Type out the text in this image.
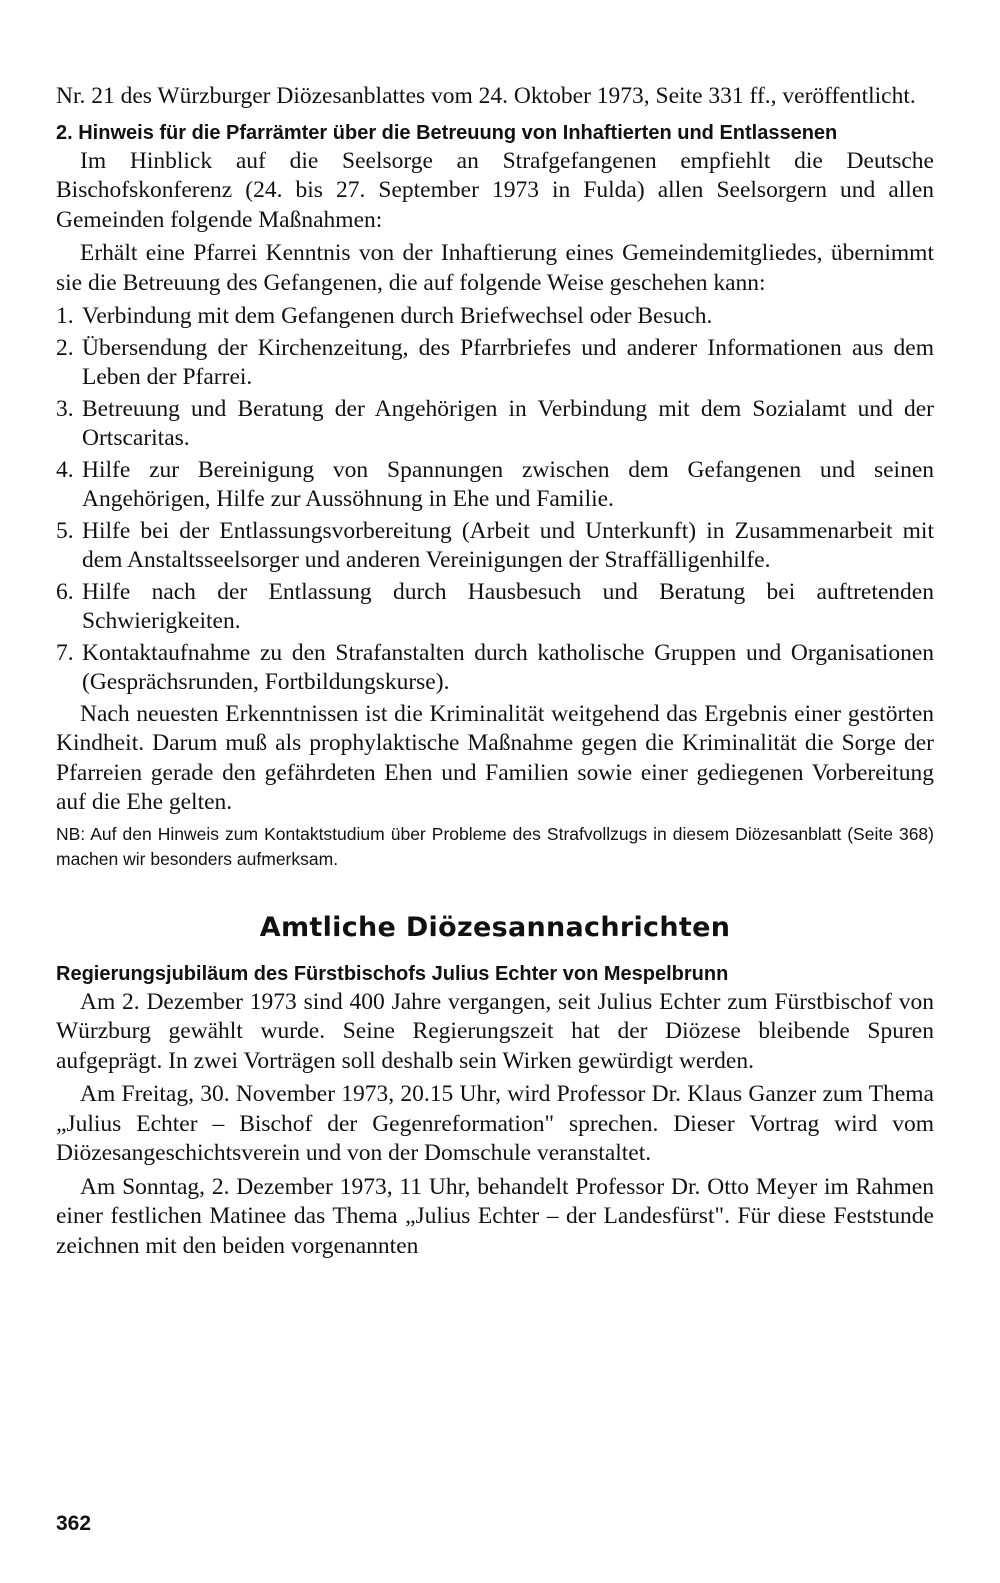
Nr. 21 des Würzburger Diözesanblattes vom 24. Oktober 1973, Seite 331 ff., veröffentlicht.

2. Hinweis für die Pfarrämter über die Betreuung von Inhaftierten und Entlassenen

Im Hinblick auf die Seelsorge an Strafgefangenen empfiehlt die Deutsche Bischofskonferenz (24. bis 27. September 1973 in Fulda) allen Seelsorgern und allen Gemeinden folgende Maßnahmen:

Erhält eine Pfarrei Kenntnis von der Inhaftierung eines Gemeindemitgliedes, übernimmt sie die Betreuung des Gefangenen, die auf folgende Weise geschehen kann:

1. Verbindung mit dem Gefangenen durch Briefwechsel oder Besuch.
2. Übersendung der Kirchenzeitung, des Pfarrbriefes und anderer Informationen aus dem Leben der Pfarrei.
3. Betreuung und Beratung der Angehörigen in Verbindung mit dem Sozialamt und der Ortscaritas.
4. Hilfe zur Bereinigung von Spannungen zwischen dem Gefangenen und seinen Angehörigen, Hilfe zur Aussöhnung in Ehe und Familie.
5. Hilfe bei der Entlassungsvorbereitung (Arbeit und Unterkunft) in Zusammenarbeit mit dem Anstaltsseelsorger und anderen Vereinigungen der Straffälligenhilfe.
6. Hilfe nach der Entlassung durch Hausbesuch und Beratung bei auftretenden Schwierigkeiten.
7. Kontaktaufnahme zu den Strafanstalten durch katholische Gruppen und Organisationen (Gesprächsrunden, Fortbildungskurse).

Nach neuesten Erkenntnissen ist die Kriminalität weitgehend das Ergebnis einer gestörten Kindheit. Darum muß als prophylaktische Maßnahme gegen die Kriminalität die Sorge der Pfarreien gerade den gefährdeten Ehen und Familien sowie einer gediegenen Vorbereitung auf die Ehe gelten.

NB: Auf den Hinweis zum Kontaktstudium über Probleme des Strafvollzugs in diesem Diözesanblatt (Seite 368) machen wir besonders aufmerksam.

Amtliche Diözesannachrichten

Regierungsjubiläum des Fürstbischofs Julius Echter von Mespelbrunn

Am 2. Dezember 1973 sind 400 Jahre vergangen, seit Julius Echter zum Fürstbischof von Würzburg gewählt wurde. Seine Regierungszeit hat der Diözese bleibende Spuren aufgeprägt. In zwei Vorträgen soll deshalb sein Wirken gewürdigt werden.

Am Freitag, 30. November 1973, 20.15 Uhr, wird Professor Dr. Klaus Ganzer zum Thema „Julius Echter – Bischof der Gegenreformation" sprechen. Dieser Vortrag wird vom Diözesangeschichtsverein und von der Domschule veranstaltet.

Am Sonntag, 2. Dezember 1973, 11 Uhr, behandelt Professor Dr. Otto Meyer im Rahmen einer festlichen Matinee das Thema „Julius Echter – der Landesfürst". Für diese Feststunde zeichnen mit den beiden vorgenannten

362
